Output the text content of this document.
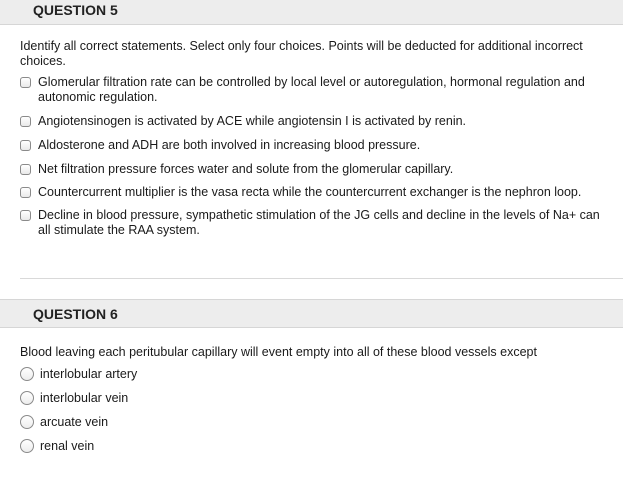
QUESTION 5
Identify all correct statements. Select only four choices. Points will be deducted for additional incorrect choices.
Glomerular filtration rate can be controlled by local level or autoregulation, hormonal regulation and autonomic regulation.
Angiotensinogen is activated by ACE while angiotensin I is activated by renin.
Aldosterone and ADH are both involved in increasing blood pressure.
Net filtration pressure forces water and solute from the glomerular capillary.
Countercurrent multiplier is the vasa recta while the countercurrent exchanger is the nephron loop.
Decline in blood pressure, sympathetic stimulation of the JG cells and decline in the levels of Na+ can all stimulate the RAA system.
QUESTION 6
Blood leaving each peritubular capillary will event empty into all of these blood vessels except
interlobular artery
interlobular vein
arcuate vein
renal vein
